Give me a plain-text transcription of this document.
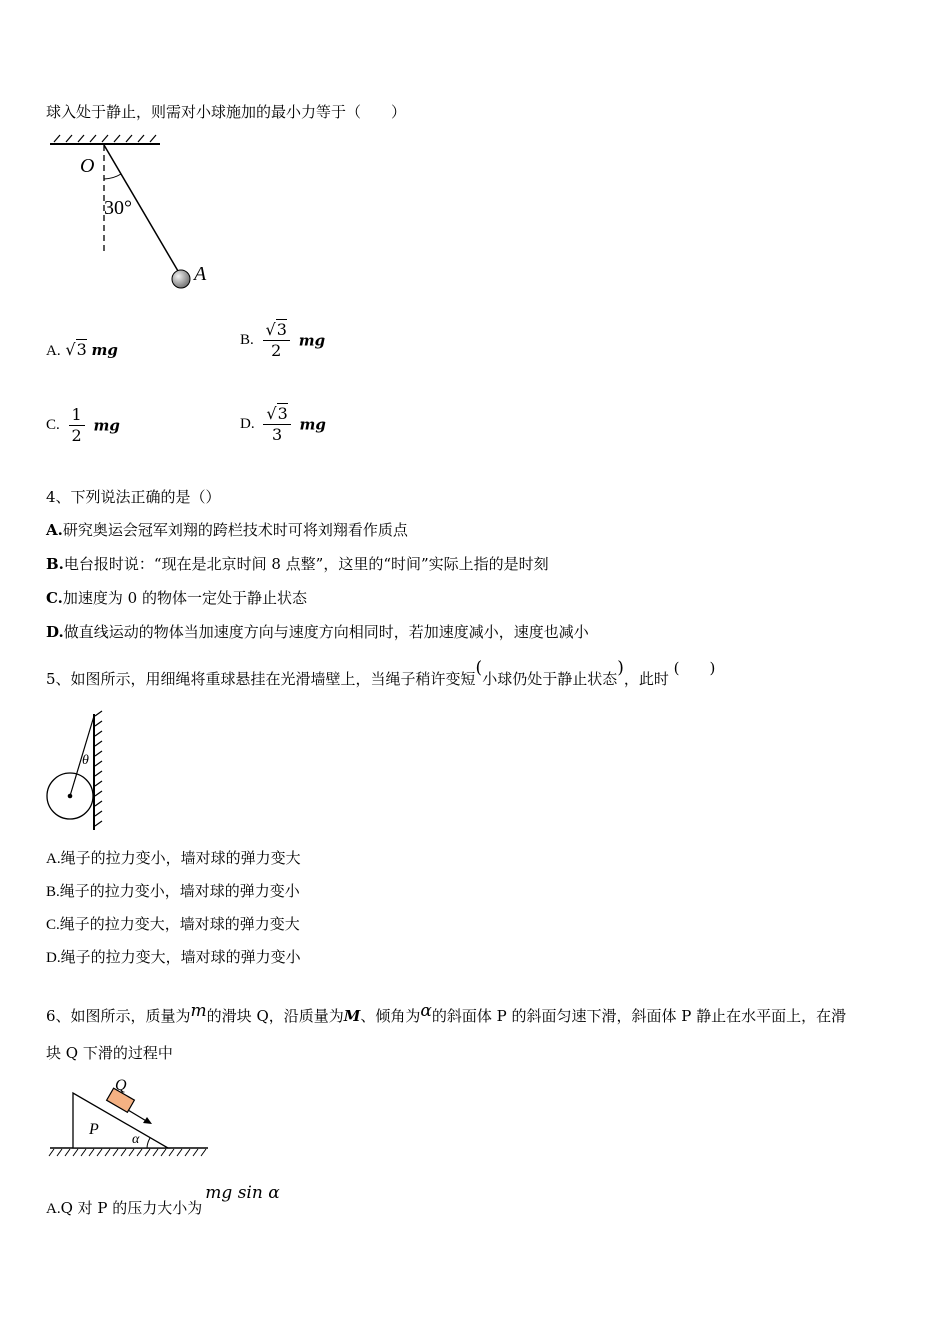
球入处于静止，则需对小球施加的最小力等于（　　）
O
30°
A
A. √3 mg
B. $\frac{√3}{2}$ mg
C. $\frac{1}{2}$ mg	D. $\frac{√3}{3}$ mg
4、下列说法正确的是（）
A.研究奥运会冠军刘翔的跨栏技术时可将刘翔看作质点
B.电台报时说：“现在是北京时间 8 点整”，这里的“时间”实际上指的是时刻
C.加速度为 0 的物体一定处于静止状态
D.做直线运动的物体当加速度方向与速度方向相同时，若加速度减小，速度也减小
5、如图所示，用细绳将重球悬挂在光滑墙壁上，当绳子稍许变短(小球仍处于静止状态)，此时 (　　)
θ
A.绳子的拉力变小，墙对球的弹力变大
B.绳子的拉力变小，墙对球的弹力变小
C.绳子的拉力变大，墙对球的弹力变大
D.绳子的拉力变大，墙对球的弹力变小
6、如图所示，质量为m的滑块 Q，沿质量为M、倾角为α的斜面体 P 的斜面匀速下滑，斜面体 P 静止在水平面上，在滑
块 Q 下滑的过程中
Q
P
α
A.Q 对 P 的压力大小为mg sin α
